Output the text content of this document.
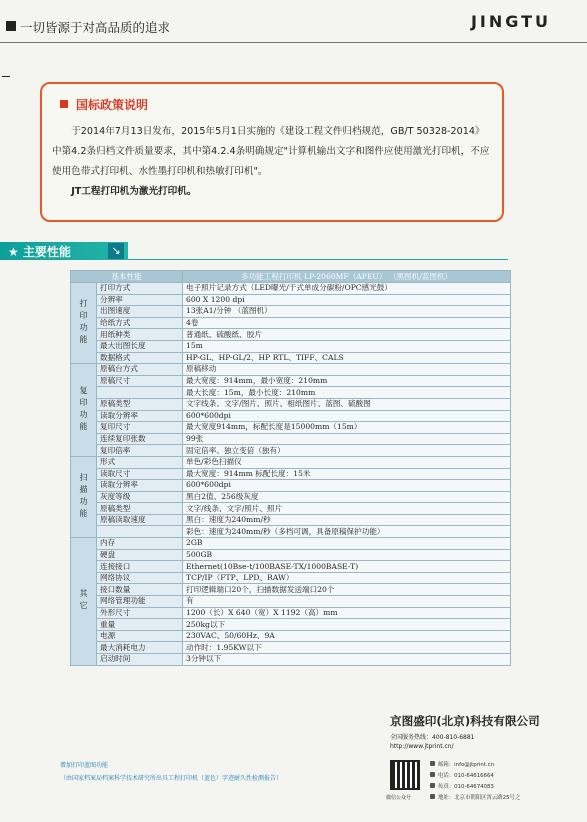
一切皆源于对高品质的追求	JINGTU
国标政策说明

于2014年7月13日发布，2015年5月1日实施的《建设工程文件归档规范，GB/T 50328-2014》中第4.2条归档文件质量要求，其中第4.2.4条明确规定"计算机输出文字和图件应使用激光打印机，不应使用色带式打印机、水性墨打印机和热敏打印机"。

JT工程打印机为激光打印机。

★ 主要性能	↘
基本性能		多功能工程打印机 LP-2060MF（APEU） （黑图机/蓝图机）
打印功能	打印方式	电子照片记录方式（LED曝光/干式单成分碳粉/OPC感光鼓）
	分辨率	600 X 1200 dpi
	出图速度	13张A1/分钟 （蓝图机）
	给纸方式	4卷
	用纸种类	普通纸、硫酸纸、胶片
	最大出图长度	15m
	数据格式	HP-GL、HP-GL/2、HP RTL、TIFF、CALS
复印功能	原稿台方式	原稿移动
	原稿尺寸	最大宽度：914mm，最小宽度：210mm
		最大长度：15m，最小长度：210mm
	原稿类型	文字线条、文字/图片、照片、相纸图片、蓝图、硫酸图
	读取分辨率	600*600dpi
	复印尺寸	最大宽度914mm，标配长度是15000mm（15m）
	连续复印张数	99张
	复印倍率	固定倍率、独立变倍（独有）
扫描功能	形式	单色/彩色扫描仪
	读取尺寸	最大宽度：914mm 标配长度：15米
	读取分辨率	600*600dpi
	灰度等级	黑白2值、256级灰度
	原稿类型	文字/线条、文字/照片、照片
	原稿读取速度	黑白：速度为240mm/秒
		彩色：速度为240mm/秒（多档可调，具备原稿保护功能）
其它	内存	2GB
	硬盘	500GB
	连接接口	Ethernet(10Bse-t/100BASE-TX/1000BASE-T)
	网络协议	TCP/IP（FTP、LPD、RAW）
	接口数量	打印逻辑端口20个，扫描数据发送端口20个
	网络管理功能	有
	外形尺寸	1200（长）X 640（宽）X 1192（高）mm
	重量	250kg以下
	电源	230VAC、50/60Hz、9A
	最大消耗电力	动作时：1.95KW以下
	启动时间	3分钟以下
增加打印蓝图功能
（由国家档案局档案科学技术研究所出具工程打印机（蓝色）字迹耐久性检测报告）
京图盛印(北京)科技有限公司
全国服务热线：400-810-6881
http://www.jtprint.cn/
微信公众号
邮箱：info@jtprint.cn
电话：010-64616664
传真：010-64674083
地址：北京市朝阳区霄云路25号之
